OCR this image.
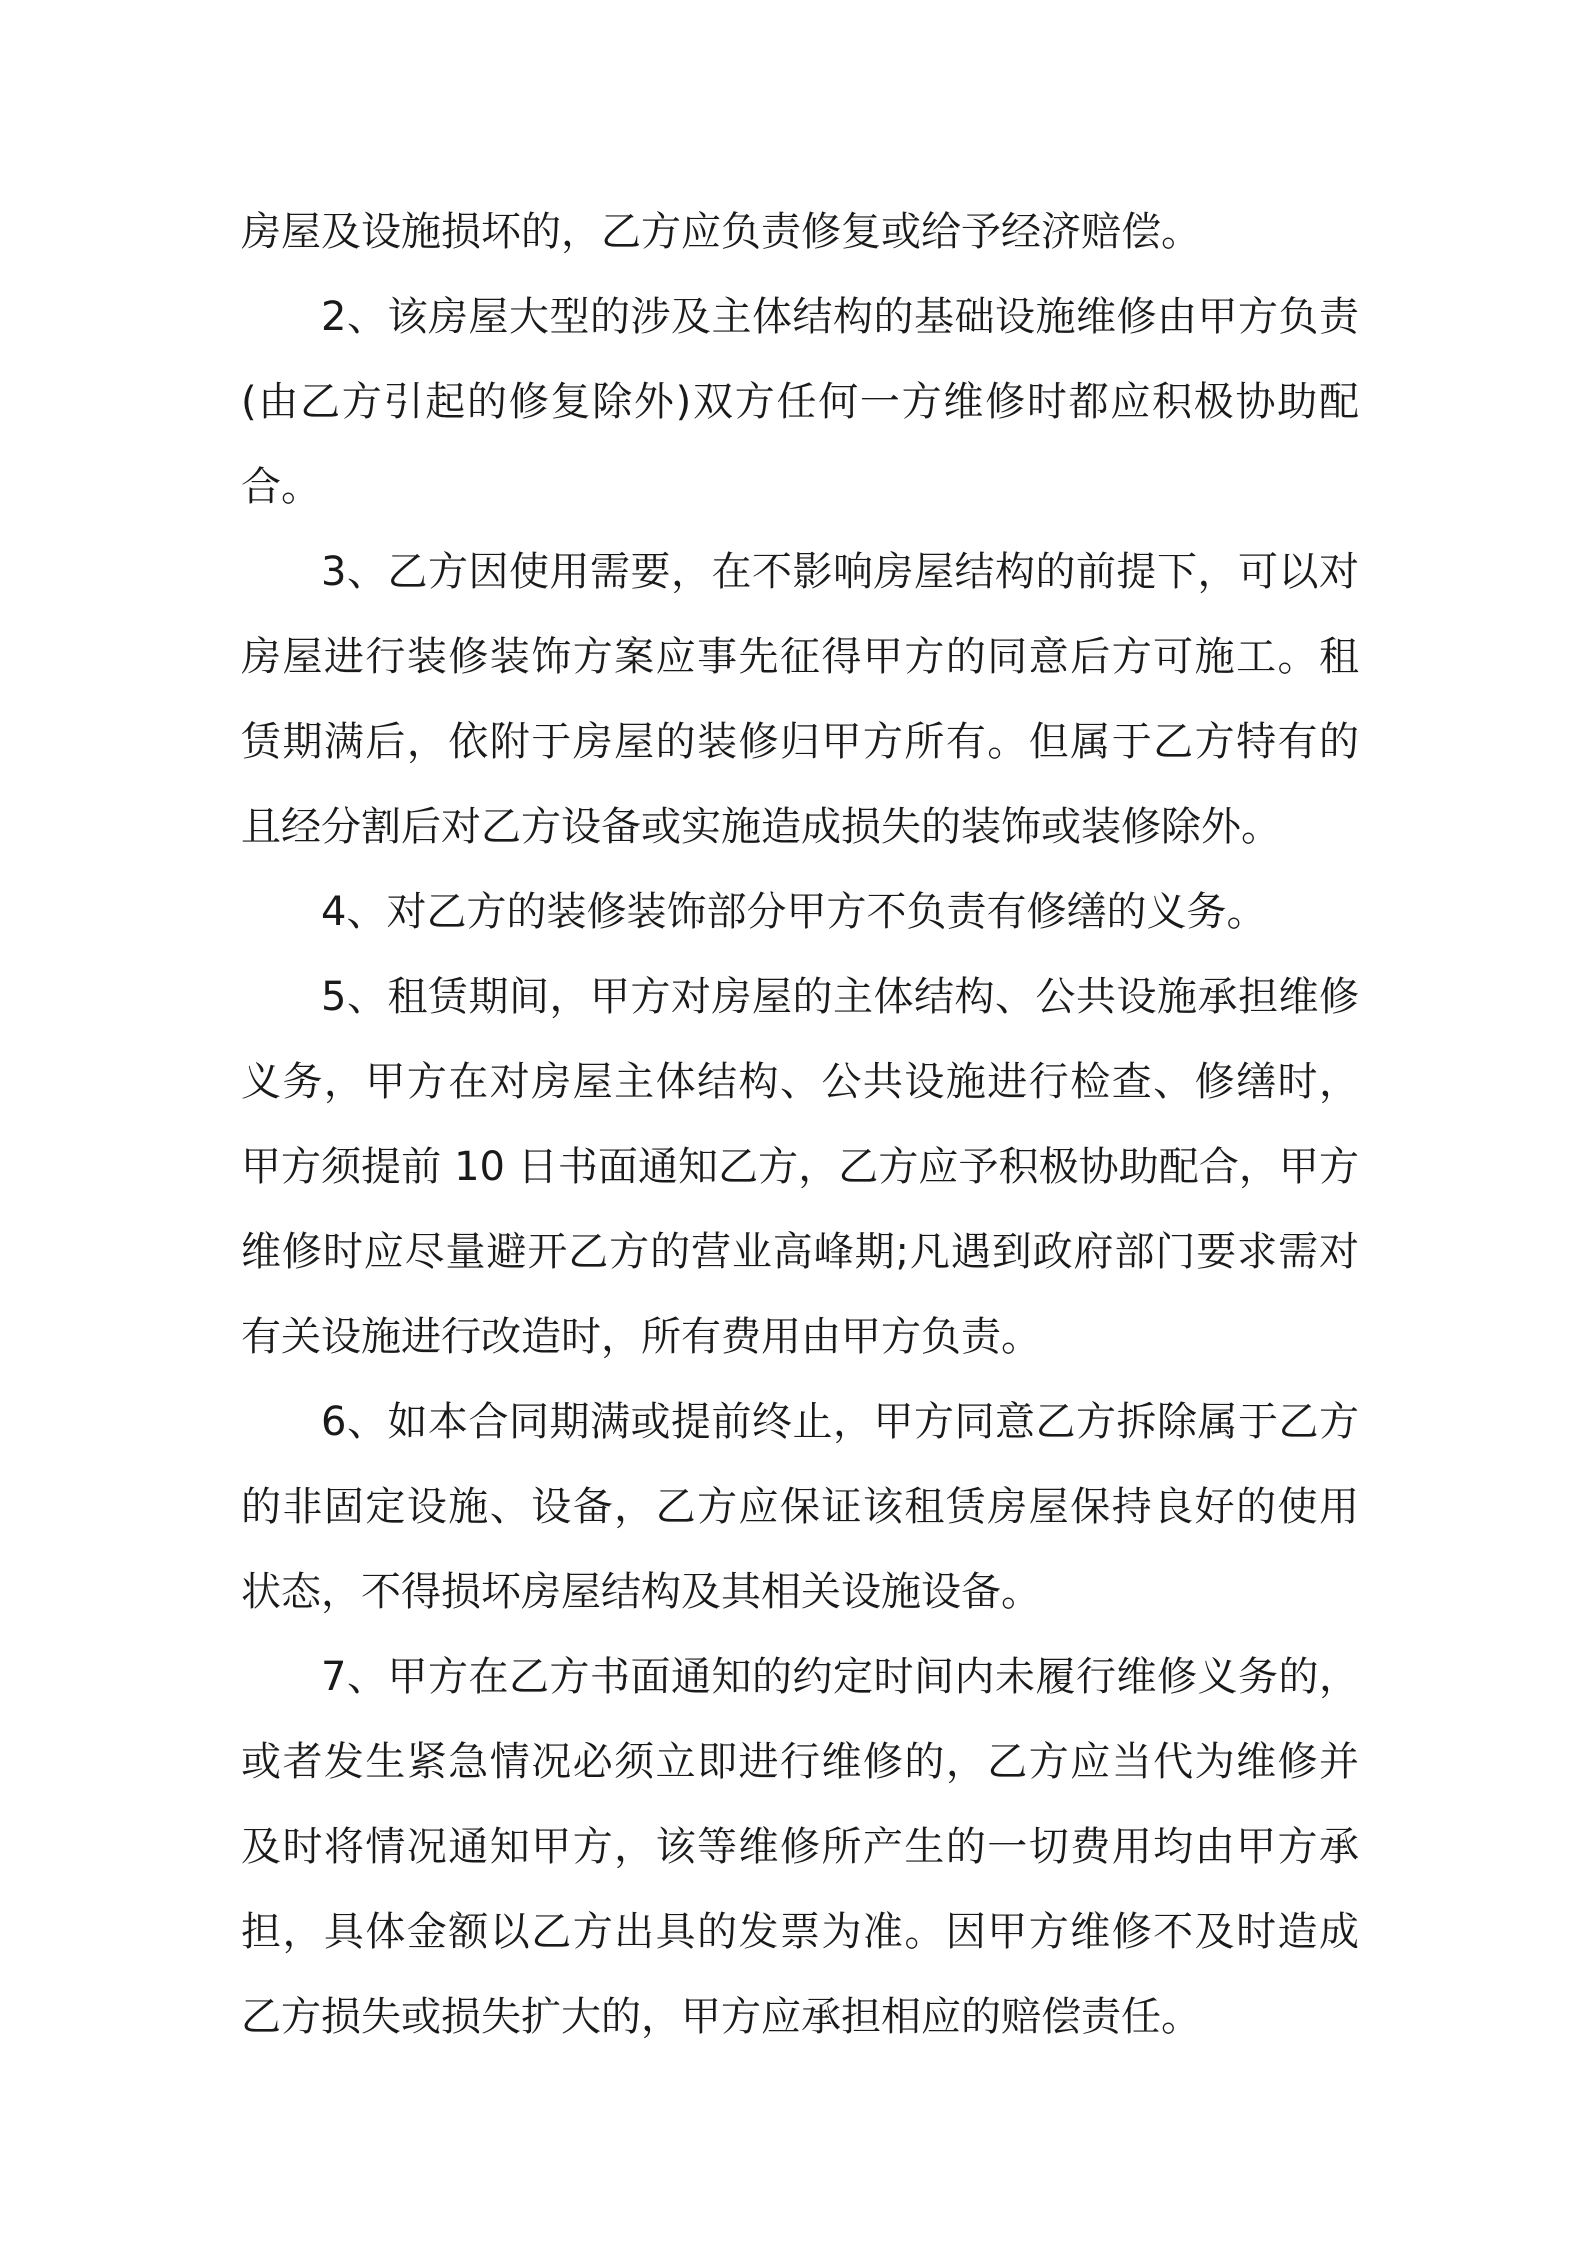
房屋及设施损坏的，乙方应负责修复或给予经济赔偿。

2、该房屋大型的涉及主体结构的基础设施维修由甲方负责(由乙方引起的修复除外)双方任何一方维修时都应积极协助配合。

3、乙方因使用需要，在不影响房屋结构的前提下，可以对房屋进行装修装饰方案应事先征得甲方的同意后方可施工。租赁期满后，依附于房屋的装修归甲方所有。但属于乙方特有的且经分割后对乙方设备或实施造成损失的装饰或装修除外。

4、对乙方的装修装饰部分甲方不负责有修缮的义务。

5、租赁期间，甲方对房屋的主体结构、公共设施承担维修义务，甲方在对房屋主体结构、公共设施进行检查、修缮时，甲方须提前 10 日书面通知乙方，乙方应予积极协助配合，甲方维修时应尽量避开乙方的营业高峰期;凡遇到政府部门要求需对有关设施进行改造时，所有费用由甲方负责。

6、如本合同期满或提前终止，甲方同意乙方拆除属于乙方的非固定设施、设备，乙方应保证该租赁房屋保持良好的使用状态，不得损坏房屋结构及其相关设施设备。

7、甲方在乙方书面通知的约定时间内未履行维修义务的，或者发生紧急情况必须立即进行维修的，乙方应当代为维修并及时将情况通知甲方，该等维修所产生的一切费用均由甲方承担，具体金额以乙方出具的发票为准。因甲方维修不及时造成乙方损失或损失扩大的，甲方应承担相应的赔偿责任。
